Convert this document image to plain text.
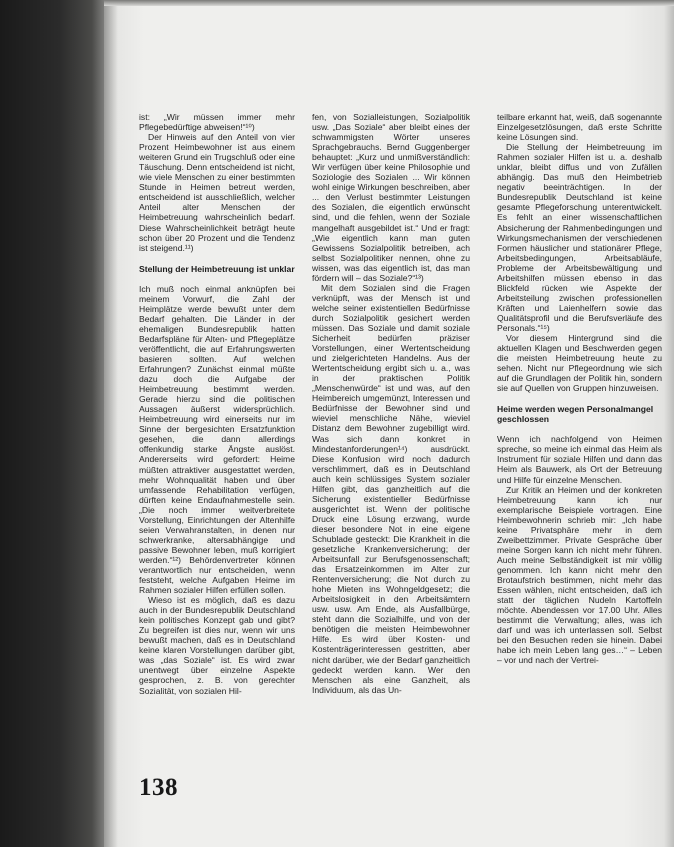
ist: „Wir müssen immer mehr Pflegebedürftige abweisen!“¹⁰)

Der Hinweis auf den Anteil von vier Prozent Heimbewohner ist aus einem weiteren Grund ein Trugschluß oder eine Täuschung. Denn entscheidend ist nicht, wie viele Menschen zu einer bestimmten Stunde in Heimen betreut werden, entscheidend ist ausschließlich, welcher Anteil alter Menschen der Heimbetreuung wahrscheinlich bedarf. Diese Wahrscheinlichkeit beträgt heute schon über 20 Prozent und die Tendenz ist steigend.¹¹)

Stellung der Heimbetreuung ist unklar

Ich muß noch einmal anknüpfen bei meinem Vorwurf, die Zahl der Heimplätze werde bewußt unter dem Bedarf gehalten. Die Länder in der ehemaligen Bundesrepublik hatten Bedarfspläne für Alten- und Pflegeplätze veröffentlicht, die auf Erfahrungswerten basieren sollten. Auf welchen Erfahrungen? Zunächst einmal müßte dazu doch die Aufgabe der Heimbetreuung bestimmt werden. Gerade hierzu sind die politischen Aussagen äußerst widersprüchlich. Heimbetreuung wird einerseits nur im Sinne der bergesichten Ersatzfunktion gesehen, die dann allerdings offenkundig starke Ängste auslöst. Andererseits wird gefordert: Heime müßten attraktiver ausgestattet werden, mehr Wohnqualität haben und über umfassende Rehabilitation verfügen, dürften keine Endaufnahmestelle sein. „Die noch immer weitverbreitete Vorstellung, Einrichtungen der Altenhilfe seien Verwahranstalten, in denen nur schwerkranke, altersabhängige und passive Bewohner leben, muß korrigiert werden.“¹²) Behördenvertreter können verantwortlich nur entscheiden, wenn feststeht, welche Aufgaben Heime im Rahmen sozialer Hilfen erfüllen sollen.

Wieso ist es möglich, daß es dazu auch in der Bundesrepublik Deutschland kein politisches Konzept gab und gibt? Zu begreifen ist dies nur, wenn wir uns bewußt machen, daß es in Deutschland keine klaren Vorstellungen darüber gibt, was „das Soziale“ ist. Es wird zwar unentwegt über einzelne Aspekte gesprochen, z. B. von gerechter Sozialität, von sozialen Hil-

fen, von Sozialleistungen, Sozialpolitik usw. „Das Soziale“ aber bleibt eines der schwammigsten Wörter unseres Sprachgebrauchs. Bernd Guggenberger behauptet: „Kurz und unmißverständlich: Wir verfügen über keine Philosophie und Soziologie des Sozialen ... Wir können wohl einige Wirkungen beschreiben, aber ... den Verlust bestimmter Leistungen des Sozialen, die eigentlich erwünscht sind, und die fehlen, wenn der Soziale mangelhaft ausgebildet ist.“ Und er fragt: „Wie eigentlich kann man guten Gewissens Sozialpolitik betreiben, ach selbst Sozialpolitiker nennen, ohne zu wissen, was das eigentlich ist, das man fördern will – das Soziale?“¹³)

Mit dem Sozialen sind die Fragen verknüpft, was der Mensch ist und welche seiner existentiellen Bedürfnisse durch Sozialpolitik gesichert werden müssen. Das Soziale und damit soziale Sicherheit bedürfen präziser Vorstellungen, einer Wertentscheidung und zielgerichteten Handelns. Aus der Wertentscheidung ergibt sich u. a., was in der praktischen Politik „Menschenwürde“ ist und was, auf den Heimbereich umgemünzt, Interessen und Bedürfnisse der Bewohner sind und wieviel menschliche Nähe, wieviel Distanz dem Bewohner zugebilligt wird. Was sich dann konkret in Mindestanforderungen¹⁴) ausdrückt. Diese Konfusion wird noch dadurch verschlimmert, daß es in Deutschland auch kein schlüssiges System sozialer Hilfen gibt, das ganzheitlich auf die Sicherung existentieller Bedürfnisse ausgerichtet ist. Wenn der politische Druck eine Lösung erzwang, wurde dieser besondere Not in eine eigene Schublade gesteckt: Die Krankheit in die gesetzliche Krankenversicherung; der Arbeitsunfall zur Berufsgenossenschaft; das Ersatzeinkommen im Alter zur Rentenversicherung; die Not durch zu hohe Mieten ins Wohngeldgesetz; die Arbeitslosigkeit in den Arbeitsämtern usw. usw. Am Ende, als Ausfallbürge, steht dann die Sozialhilfe, und von der benötigen die meisten Heimbewohner Hilfe. Es wird über Kosten- und Kostenträgerinteressen gestritten, aber nicht darüber, wie der Bedarf ganzheitlich gedeckt werden kann. Wer den Menschen als eine Ganzheit, als Individuum, als das Un-

teilbare erkannt hat, weiß, daß sogenannte Einzelgesetzlösungen, daß erste Schritte keine Lösungen sind.

Die Stellung der Heimbetreuung im Rahmen sozialer Hilfen ist u. a. deshalb unklar, bleibt diffus und von Zufällen abhängig. Das muß den Heimbetrieb negativ beeinträchtigen. In der Bundesrepublik Deutschland ist keine gesamte Pflegeforschung unterentwickelt. Es fehlt an einer wissenschaftlichen Absicherung der Rahmenbedingungen und Wirkungsmechanismen der verschiedenen Formen häuslicher und stationärer Pflege, Arbeitsbedingungen, Arbeitsabläufe, Probleme der Arbeitsbewältigung und Arbeitshilfen müssen ebenso in das Blickfeld rücken wie Aspekte der Arbeitsteilung zwischen professionellen Kräften und Laienhelfern sowie das Qualitätsprofil und die Berufsverläufe des Personals.“¹⁵)

Vor diesem Hintergrund sind die aktuellen Klagen und Beschwerden gegen die meisten Heimbetreuung heute zu sehen. Nicht nur Pflegeordnung wie sich auf die Grundlagen der Politik hin, sondern sie auf Quellen von Gruppen hinzuweisen.

Heime werden wegen Personalmangel geschlossen

Wenn ich nachfolgend von Heimen spreche, so meine ich einmal das Heim als Instrument für soziale Hilfen und dann das Heim als Bauwerk, als Ort der Betreuung und Hilfe für einzelne Menschen.

Zur Kritik an Heimen und der konkreten Heimbetreuung kann ich nur exemplarische Beispiele vortragen. Eine Heimbewohnerin schrieb mir: „Ich habe keine Privatsphäre mehr in dem Zweibettzimmer. Private Gespräche über meine Sorgen kann ich nicht mehr führen. Auch meine Selbständigkeit ist mir völlig genommen. Ich kann nicht mehr den Brotaufstrich bestimmen, nicht mehr das Essen wählen, nicht entscheiden, daß ich statt der täglichen Nudeln Kartoffeln möchte. Abendessen vor 17.00 Uhr. Alles bestimmt die Verwaltung; alles, was ich darf und was ich unterlassen soll. Selbst bei den Besuchen reden sie hinein. Dabei habe ich mein Leben lang ges…“ – Leben – vor und nach der Vertrei-

138
